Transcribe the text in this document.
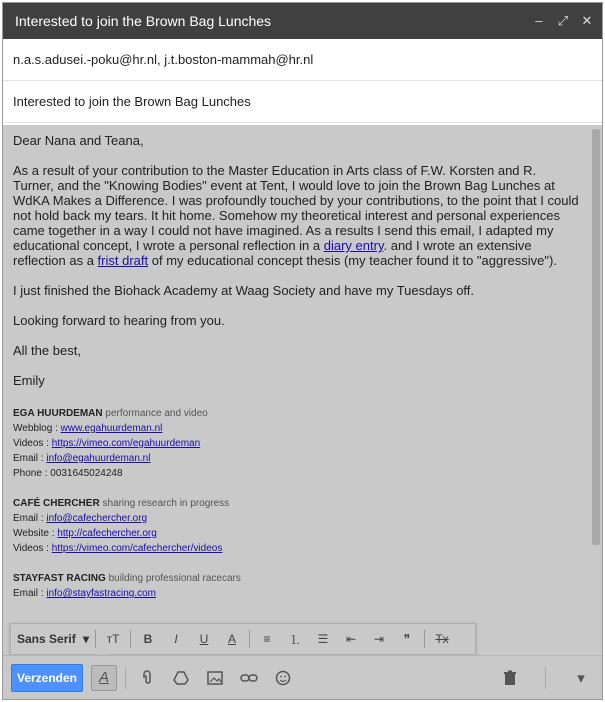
Interested to join the Brown Bag Lunches	‒ ⤢ ✕
n.a.s.adusei.-poku@hr.nl, j.t.boston-mammah@hr.nl
Interested to join the Brown Bag Lunches

Dear Nana and Teana,

As a result of your contribution to the Master Education in Arts class of F.W. Korsten and R. Turner, and the "Knowing Bodies" event at Tent, I would love to join the Brown Bag Lunches at WdKA Makes a Difference. I was profoundly touched by your contributions, to the point that I could not hold back my tears. It hit home. Somehow my theoretical interest and personal experiences came together in a way I could not have imagined. As a results I send this email, I adapted my educational concept, I wrote a personal reflection in a diary entry. and I wrote an extensive reflection as a frist draft of my educational concept thesis (my teacher found it to "aggressive").

I just finished the Biohack Academy at Waag Society and have my Tuesdays off.

Looking forward to hearing from you.

All the best,

Emily

EGA HUURDEMAN performance and video
Webblog : www.egahuurdeman.nl
Videos : https://vimeo.com/egahuurdeman
Email : info@egahuurdeman.nl
Phone : 0031645024248
CAFÉ CHERCHER sharing research in progress
Email : info@cafechercher.org
Website : http://cafechercher.org
Videos : https://vimeo.com/cafechercher/videos
STAYFAST RACING building professional racecars
Email : info@stayfastracing.com
Sans Serif ▾	тT	B	I	U	A	≡	⒈	☰	⇤	⇥	❞	Tx
Verzenden	A	▾
